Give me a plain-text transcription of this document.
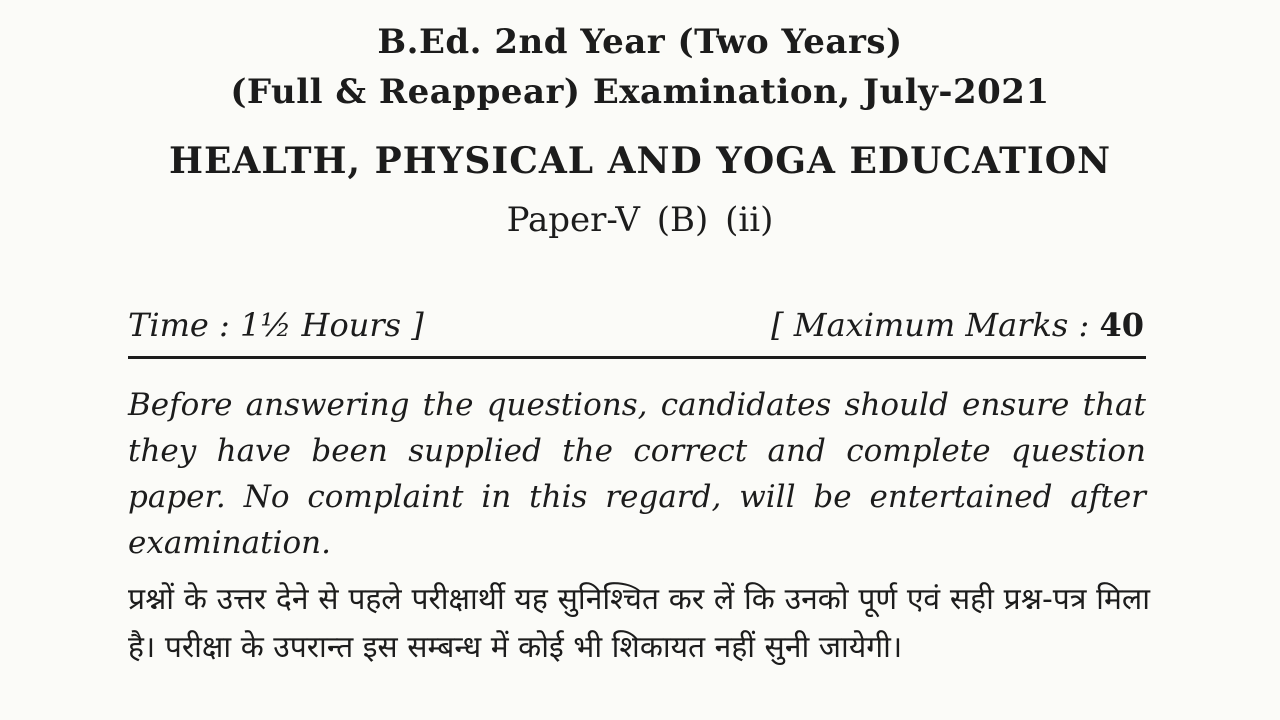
B.Ed. 2nd Year (Two Years)
(Full & Reappear) Examination, July-2021
HEALTH, PHYSICAL AND YOGA EDUCATION
Paper-V (B) (ii)
Time : 1½ Hours ]	[ Maximum Marks : 40

Before answering the questions, candidates should ensure that they have been supplied the correct and complete question paper. No complaint in this regard, will be entertained after examination.

प्रश्नों के उत्तर देने से पहले परीक्षार्थी यह सुनिश्चित कर लें कि उनको पूर्ण एवं सही प्रश्न-पत्र मिला है। परीक्षा के उपरान्त इस सम्बन्ध में कोई भी शिकायत नहीं सुनी जायेगी।
